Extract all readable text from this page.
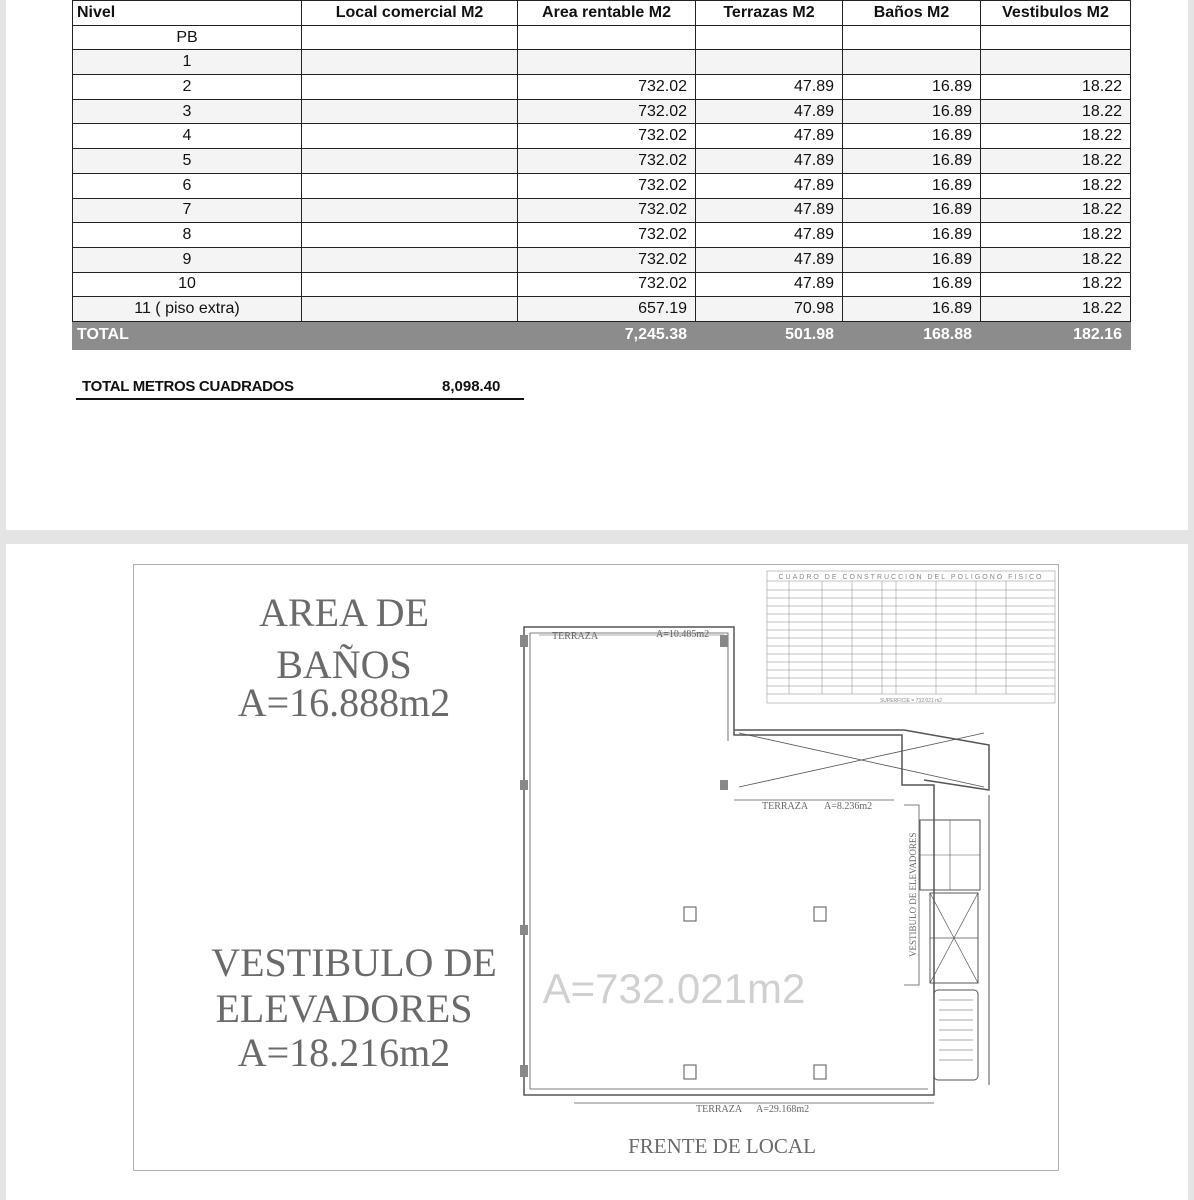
Nivel	Local comercial M2	Area rentable M2	Terrazas M2	Baños M2	Vestibulos M2
PB					
1					
2		732.02	47.89	16.89	18.22
3		732.02	47.89	16.89	18.22
4		732.02	47.89	16.89	18.22
5		732.02	47.89	16.89	18.22
6		732.02	47.89	16.89	18.22
7		732.02	47.89	16.89	18.22
8		732.02	47.89	16.89	18.22
9		732.02	47.89	16.89	18.22
10		732.02	47.89	16.89	18.22
11 ( piso extra)		657.19	70.98	16.89	18.22
TOTAL		7,245.38	501.98	168.88	182.16
TOTAL METROS CUADRADOS	8,098.40
CUADRO DE CONSTRUCCION DEL POLIGONO FISICO
SUPERFICIE = 732.021 m2
TERRAZA	A=10.485m2
TERRAZA A=8.236m2
TERRAZA A=29.168m2
VESTIBULO DE ELEVADORES
A=732.021m2
FRENTE DE LOCAL
AREA DE
BAÑOS
A=16.888m2
VESTIBULO DE
ELEVADORES
A=18.216m2
